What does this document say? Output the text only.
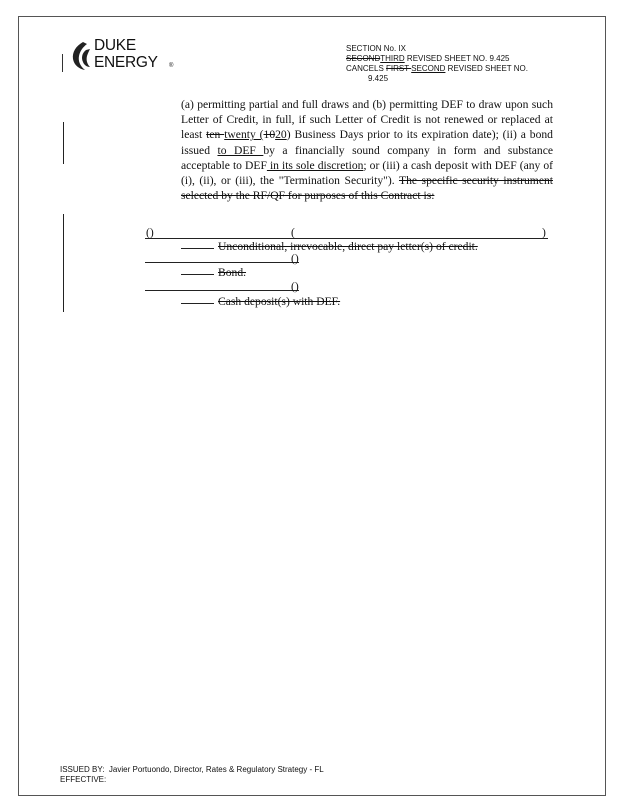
DUKE
ENERGY ®
SECTION No. IX
SECONDTHIRD REVISED SHEET NO. 9.425
CANCELS FIRST SECOND REVISED SHEET NO.
9.425
(a) permitting partial and full draws and (b) permitting DEF to draw upon such Letter of Credit, in full, if such Letter of Credit is not renewed or replaced at least ten twenty (1020) Business Days prior to its expiration date); (ii) a bond issued to DEF by a financially sound company in form and substance acceptable to DEF in its sole discretion; or (iii) a cash deposit with DEF (any of (i), (ii), or (iii), the "Termination Security"). The specific security instrument selected by the RF/QF for purposes of this Contract is:
()	(	)
Unconditional, irrevocable, direct pay letter(s) of credit.
()
Bond.
()
Cash deposit(s) with DEF.
ISSUED BY: Javier Portuondo, Director, Rates & Regulatory Strategy - FL
EFFECTIVE:
